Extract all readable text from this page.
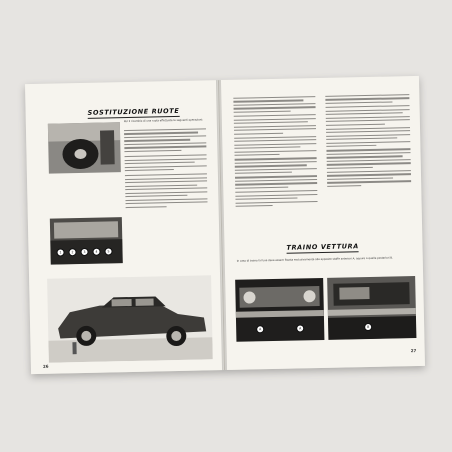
SOSTITUZIONE RUOTE
1	2	3	4	5
Per il ricambio di una ruota effettuate le seguenti operazioni:
26
TRAINO VETTURA
In caso di traino la fune deve essere fissata esclusivamente alle apposite staffe anteriori A, oppure a quelle posteriori B.
A	A	B
27
